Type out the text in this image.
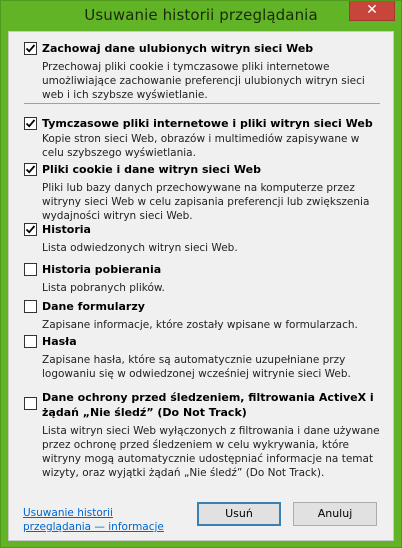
Usuwanie historii przeglądania	✕
Zachowaj dane ulubionych witryn sieci Web
Przechowaj pliki cookie i tymczasowe pliki internetowe umożliwiające zachowanie preferencji ulubionych witryn sieci web i ich szybsze wyświetlanie.
Tymczasowe pliki internetowe i pliki witryn sieci Web
Kopie stron sieci Web, obrazów i multimediów zapisywane w celu szybszego wyświetlania.
Pliki cookie i dane witryn sieci Web
Pliki lub bazy danych przechowywane na komputerze przez witryny sieci Web w celu zapisania preferencji lub zwiększenia wydajności witryn sieci Web.
Historia
Lista odwiedzonych witryn sieci Web.
Historia pobierania
Lista pobranych plików.
Dane formularzy
Zapisane informacje, które zostały wpisane w formularzach.
Hasła
Zapisane hasła, które są automatycznie uzupełniane przy logowaniu się w odwiedzonej wcześniej witrynie sieci Web.
Dane ochrony przed śledzeniem, filtrowania ActiveX i żądań „Nie śledź” (Do Not Track)
Lista witryn sieci Web wyłączonych z filtrowania i dane używane przez ochronę przed śledzeniem w celu wykrywania, które witryny mogą automatycznie udostępniać informacje na temat wizyty, oraz wyjątki żądań „Nie śledź” (Do Not Track).
Usuwanie historii przeglądania — informacje
Usuń	Anuluj
